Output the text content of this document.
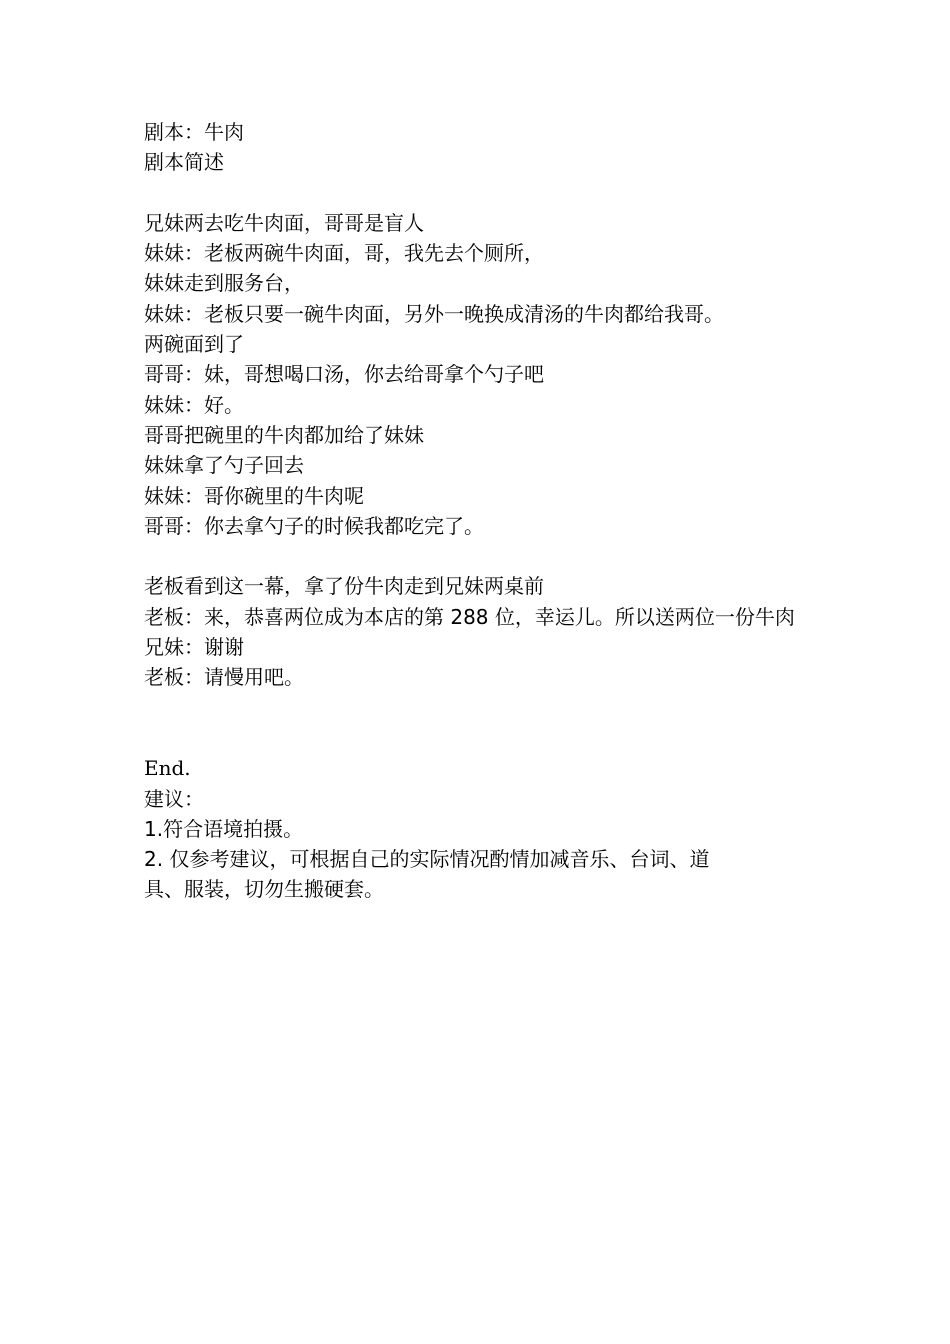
剧本：牛肉
剧本简述
兄妹两去吃牛肉面，哥哥是盲人
妹妹：老板两碗牛肉面，哥，我先去个厕所，
妹妹走到服务台，
妹妹：老板只要一碗牛肉面，另外一晚换成清汤的牛肉都给我哥。
两碗面到了
哥哥：妹，哥想喝口汤，你去给哥拿个勺子吧
妹妹：好。
哥哥把碗里的牛肉都加给了妹妹
妹妹拿了勺子回去
妹妹：哥你碗里的牛肉呢
哥哥：你去拿勺子的时候我都吃完了。
老板看到这一幕，拿了份牛肉走到兄妹两桌前
老板：来，恭喜两位成为本店的第 288 位，幸运儿。所以送两位一份牛肉
兄妹：谢谢
老板：请慢用吧。
End.
建议：
1.符合语境拍摄。
2. 仅参考建议，可根据自己的实际情况酌情加减音乐、台词、道具、服装，切勿生搬硬套。
